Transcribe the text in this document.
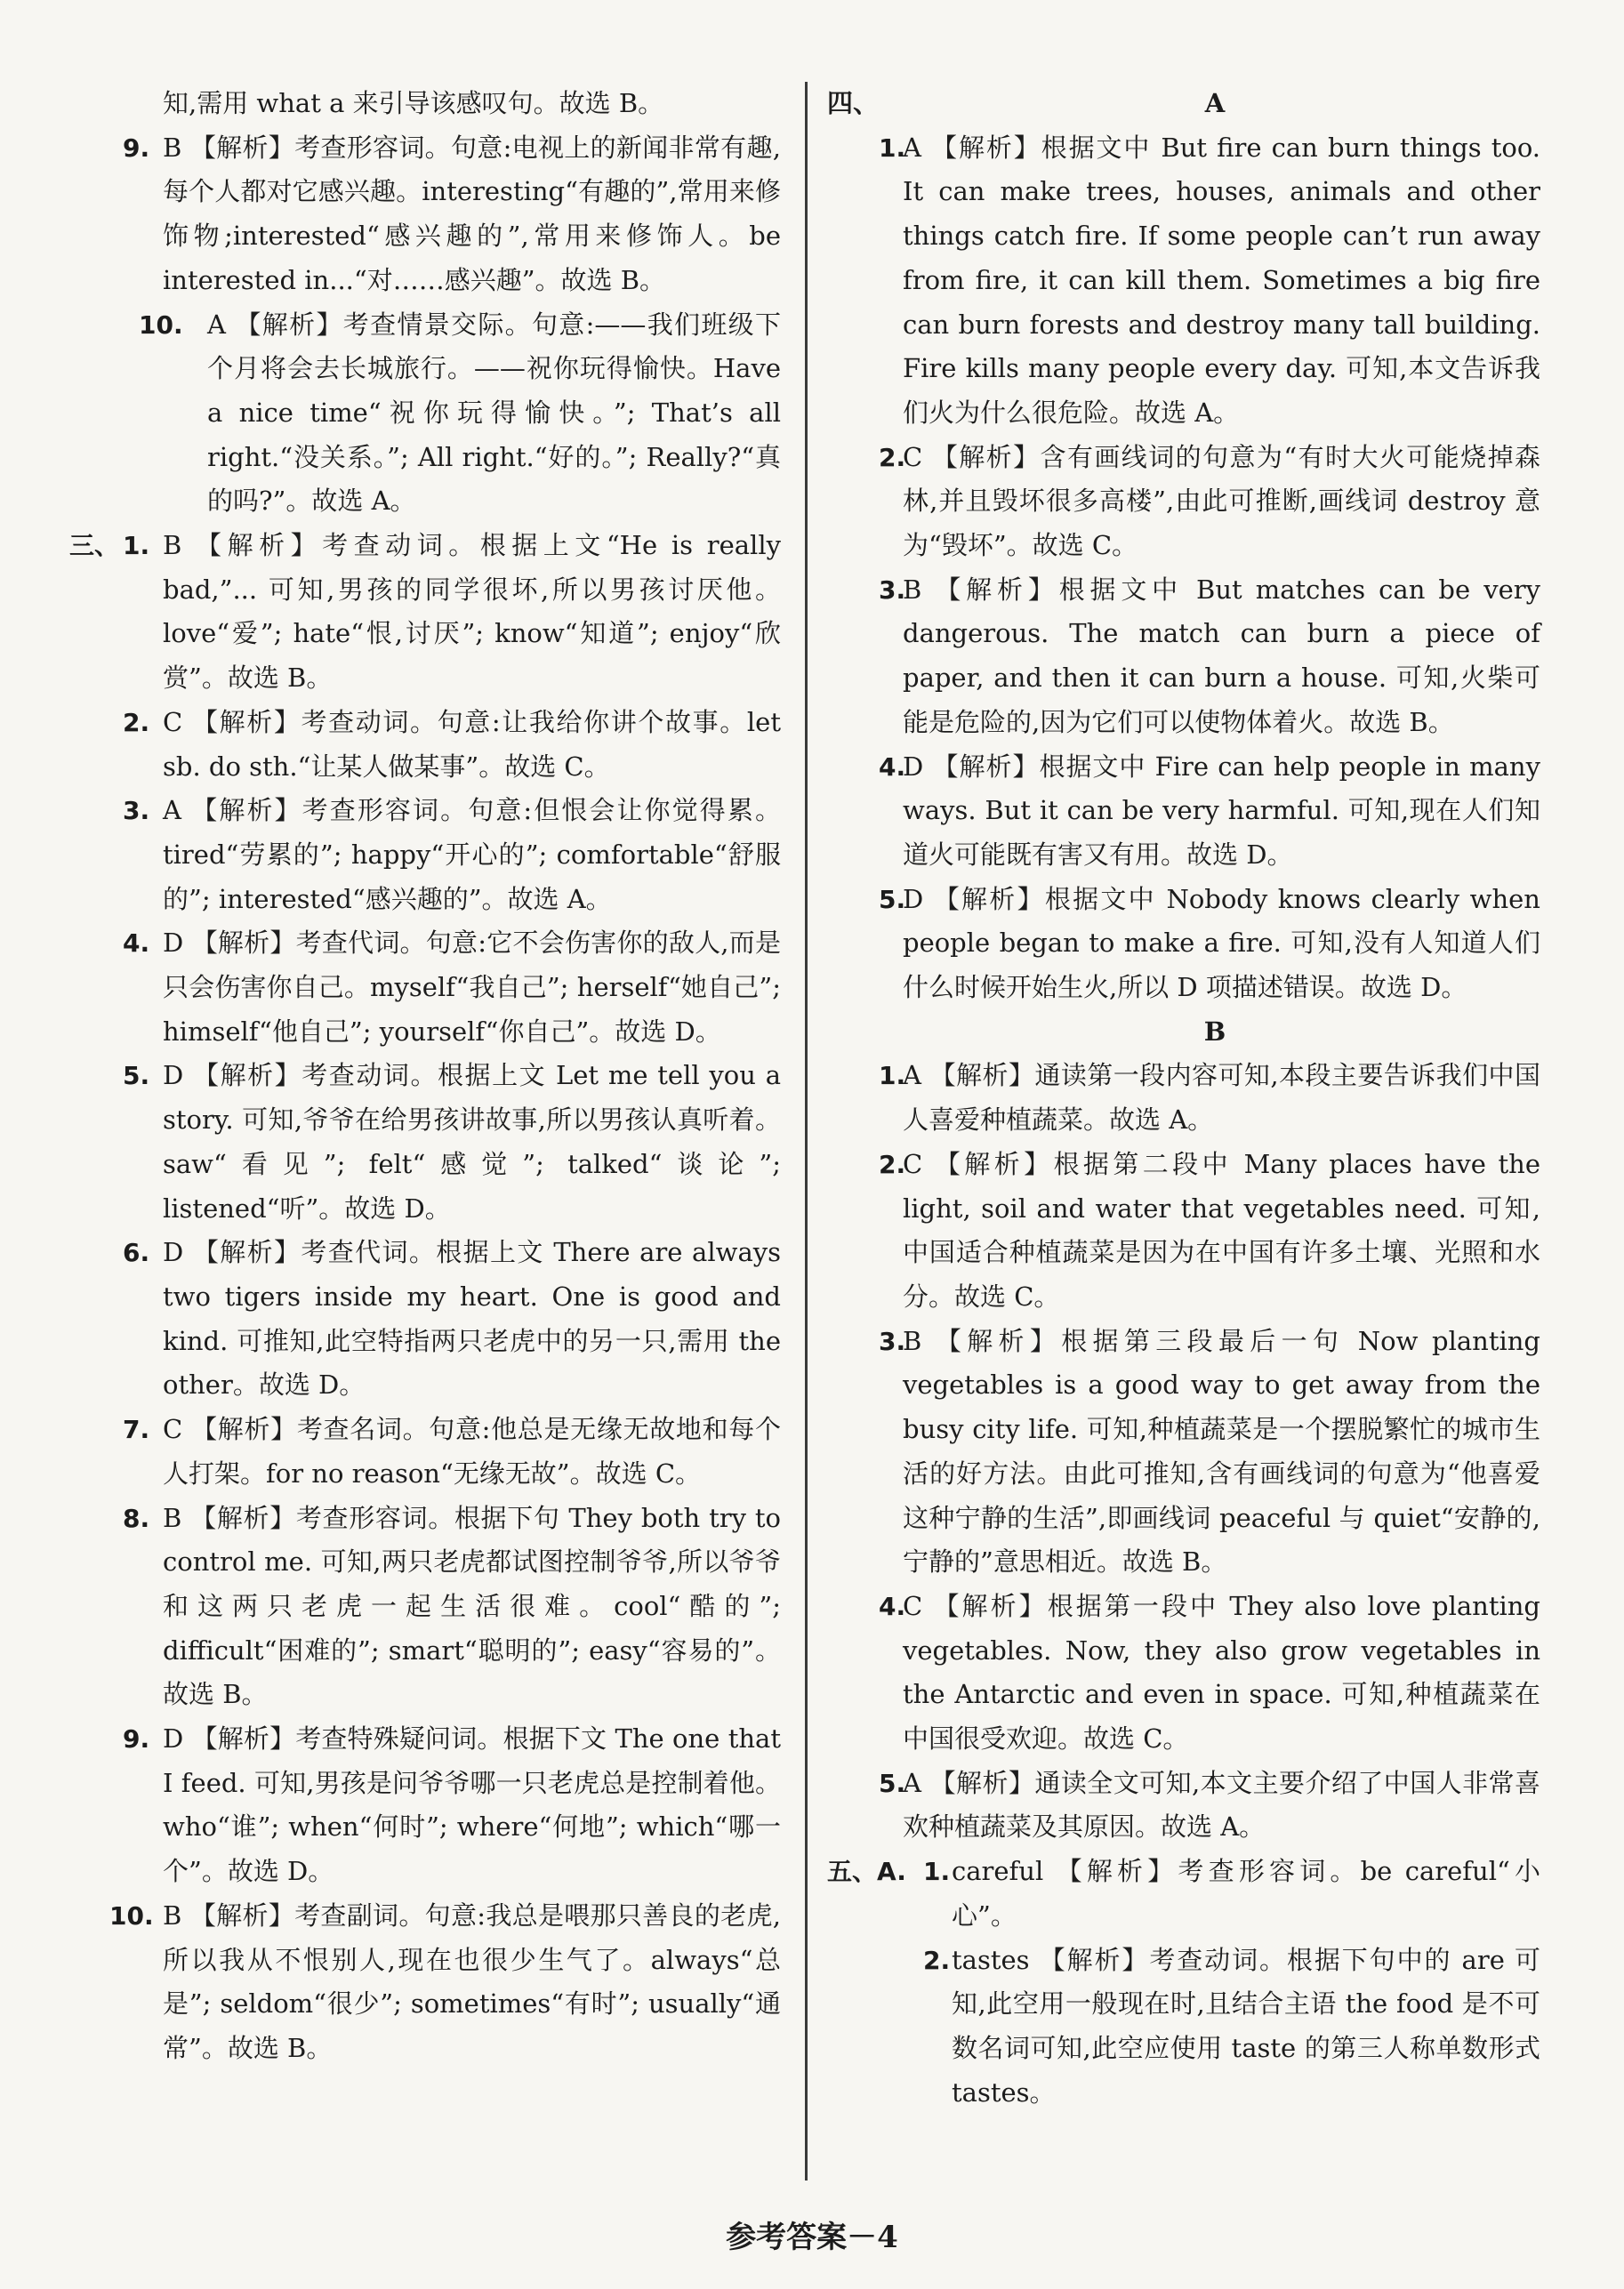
知,需用 what a 来引导该感叹句。故选 B。
9. B 【解析】考查形容词。句意:电视上的新闻非常有趣,每个人都对它感兴趣。interesting“有趣的”,常用来修饰物;interested“感兴趣的”,常用来修饰人。be interested in...“对……感兴趣”。故选 B。
10. A 【解析】考查情景交际。句意:——我们班级下个月将会去长城旅行。——祝你玩得愉快。Have a nice time“祝你玩得愉快。”; That’s all right.“没关系。”; All right.“好的。”; Really?“真的吗?”。故选 A。
三、 1. B 【解析】考查动词。根据上文“He is really bad,”... 可知,男孩的同学很坏,所以男孩讨厌他。love“爱”; hate“恨,讨厌”; know“知道”; enjoy“欣赏”。故选 B。
2. C 【解析】考查动词。句意:让我给你讲个故事。let sb. do sth.“让某人做某事”。故选 C。
3. A 【解析】考查形容词。句意:但恨会让你觉得累。tired“劳累的”; happy“开心的”; comfortable“舒服的”; interested“感兴趣的”。故选 A。
4. D 【解析】考查代词。句意:它不会伤害你的敌人,而是只会伤害你自己。myself“我自己”; herself“她自己”; himself“他自己”; yourself“你自己”。故选 D。
5. D 【解析】考查动词。根据上文 Let me tell you a story. 可知,爷爷在给男孩讲故事,所以男孩认真听着。saw“看见”; felt“感觉”; talked“谈论”; listened“听”。故选 D。
6. D 【解析】考查代词。根据上文 There are always two tigers inside my heart. One is good and kind. 可推知,此空特指两只老虎中的另一只,需用 the other。故选 D。
7. C 【解析】考查名词。句意:他总是无缘无故地和每个人打架。for no reason“无缘无故”。故选 C。
8. B 【解析】考查形容词。根据下句 They both try to control me. 可知,两只老虎都试图控制爷爷,所以爷爷和这两只老虎一起生活很难。cool“酷的”; difficult“困难的”; smart“聪明的”; easy“容易的”。故选 B。
9. D 【解析】考查特殊疑问词。根据下文 The one that I feed. 可知,男孩是问爷爷哪一只老虎总是控制着他。who“谁”; when“何时”; where“何地”; which“哪一个”。故选 D。
10. B 【解析】考查副词。句意:我总是喂那只善良的老虎,所以我从不恨别人,现在也很少生气了。always“总是”; seldom“很少”; sometimes“有时”; usually“通常”。故选 B。
四、	A
1.
A 【解析】根据文中 But fire can burn things too. It can make trees, houses, animals and other things catch fire. If some people can’t run away from fire, it can kill them. Sometimes a big fire can burn forests and destroy many tall building. Fire kills many people every day. 可知,本文告诉我们火为什么很危险。故选 A。
2.
C 【解析】含有画线词的句意为“有时大火可能烧掉森林,并且毁坏很多高楼”,由此可推断,画线词 destroy 意为“毁坏”。故选 C。
3.
B 【解析】根据文中 But matches can be very dangerous. The match can burn a piece of paper, and then it can burn a house. 可知,火柴可能是危险的,因为它们可以使物体着火。故选 B。
4.
D 【解析】根据文中 Fire can help people in many ways. But it can be very harmful. 可知,现在人们知道火可能既有害又有用。故选 D。
5.
D 【解析】根据文中 Nobody knows clearly when people began to make a fire. 可知,没有人知道人们什么时候开始生火,所以 D 项描述错误。故选 D。
B
1.
A 【解析】通读第一段内容可知,本段主要告诉我们中国人喜爱种植蔬菜。故选 A。
2.
C 【解析】根据第二段中 Many places have the light, soil and water that vegetables need. 可知,中国适合种植蔬菜是因为在中国有许多土壤、光照和水分。故选 C。
3.
B 【解析】根据第三段最后一句 Now planting vegetables is a good way to get away from the busy city life. 可知,种植蔬菜是一个摆脱繁忙的城市生活的好方法。由此可推知,含有画线词的句意为“他喜爱这种宁静的生活”,即画线词 peaceful 与 quiet“安静的,宁静的”意思相近。故选 B。
4.
C 【解析】根据第一段中 They also love planting vegetables. Now, they also grow vegetables in the Antarctic and even in space. 可知,种植蔬菜在中国很受欢迎。故选 C。
5.
A 【解析】通读全文可知,本文主要介绍了中国人非常喜欢种植蔬菜及其原因。故选 A。
五、A. 1. careful 【解析】考查形容词。be careful“小心”。
2. tastes 【解析】考查动词。根据下句中的 are 可知,此空用一般现在时,且结合主语 the food 是不可数名词可知,此空应使用 taste 的第三人称单数形式 tastes。
参考答案－4
